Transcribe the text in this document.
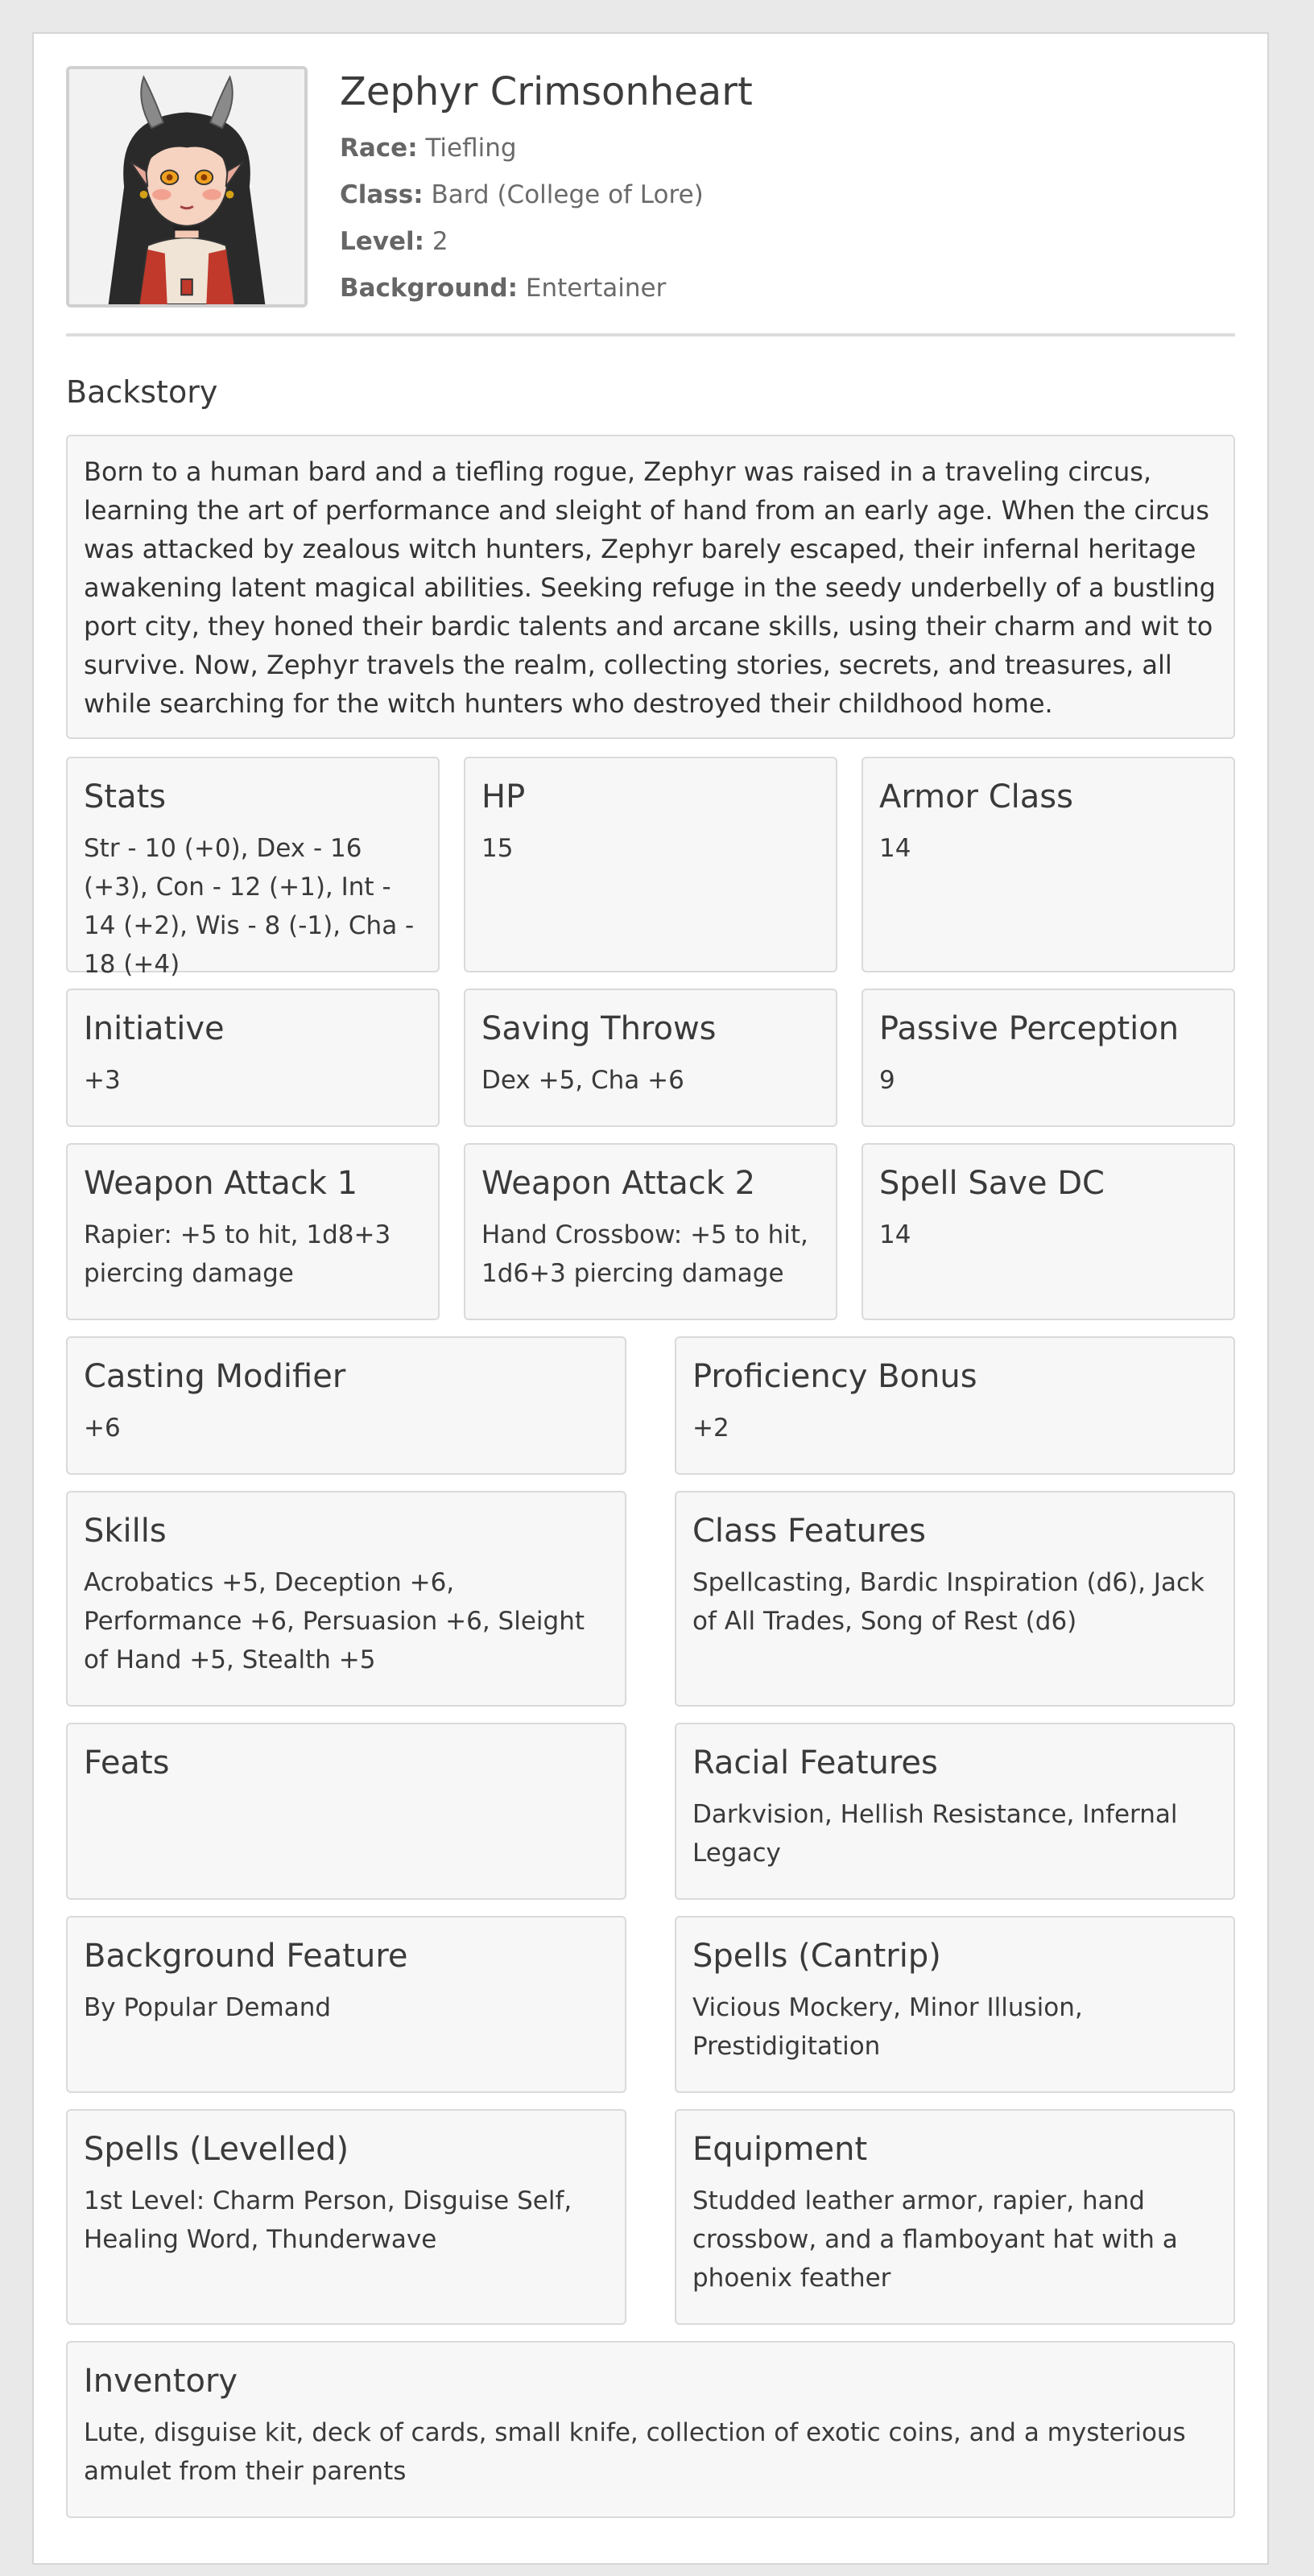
Zephyr Crimsonheart
Race: Tiefling
Class: Bard (College of Lore)
Level: 2
Background: Entertainer
Backstory
Born to a human bard and a tiefling rogue, Zephyr was raised in a traveling circus, learning the art of performance and sleight of hand from an early age. When the circus was attacked by zealous witch hunters, Zephyr barely escaped, their infernal heritage awakening latent magical abilities. Seeking refuge in the seedy underbelly of a bustling port city, they honed their bardic talents and arcane skills, using their charm and wit to survive. Now, Zephyr travels the realm, collecting stories, secrets, and treasures, all while searching for the witch hunters who destroyed their childhood home.
Stats
Str - 10 (+0), Dex - 16 (+3), Con - 12 (+1), Int - 14 (+2), Wis - 8 (-1), Cha - 18 (+4)
HP
15
Armor Class
14
Initiative
+3
Saving Throws
Dex +5, Cha +6
Passive Perception
9
Weapon Attack 1
Rapier: +5 to hit, 1d8+3 piercing damage
Weapon Attack 2
Hand Crossbow: +5 to hit, 1d6+3 piercing damage
Spell Save DC
14
Casting Modifier
+6
Proficiency Bonus
+2
Skills
Acrobatics +5, Deception +6, Performance +6, Persuasion +6, Sleight of Hand +5, Stealth +5
Class Features
Spellcasting, Bardic Inspiration (d6), Jack of All Trades, Song of Rest (d6)
Feats	Racial Features
Darkvision, Hellish Resistance, Infernal Legacy
Background Feature
By Popular Demand
Spells (Cantrip)
Vicious Mockery, Minor Illusion, Prestidigitation
Spells (Levelled)
1st Level: Charm Person, Disguise Self, Healing Word, Thunderwave
Equipment
Studded leather armor, rapier, hand crossbow, and a flamboyant hat with a phoenix feather
Inventory
Lute, disguise kit, deck of cards, small knife, collection of exotic coins, and a mysterious amulet from their parents
